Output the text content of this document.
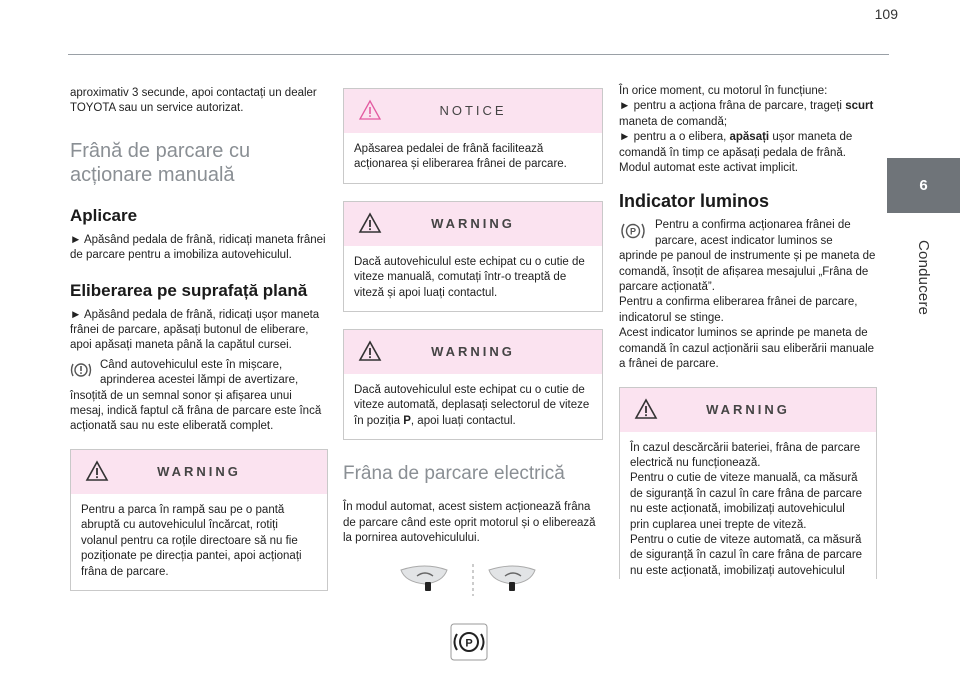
109
6
Conducere

aproximativ 3 secunde, apoi contactați un dealer TOYOTA sau un service autorizat.

Frână de parcare cu acționare manuală
Aplicare

► Apăsând pedala de frână, ridicați maneta frânei de parcare pentru a imobiliza autovehiculul.

Eliberarea pe suprafață plană

► Apăsând pedala de frână, ridicați ușor maneta frânei de parcare, apăsați butonul de eliberare, apoi apăsați maneta până la capătul cursei.

Când autovehiculul este în mișcare, aprinderea acestei lămpi de avertizare,

însoțită de un semnal sonor și afișarea unui mesaj, indică faptul că frâna de parcare este încă acționată sau nu este eliberată complet.

WARNING

Pentru a parca în rampă sau pe o pantă abruptă cu autovehiculul încărcat, rotiți volanul pentru ca roțile directoare să nu fie poziționate pe direcția pantei, apoi acționați frâna de parcare.

NOTICE

Apăsarea pedalei de frână facilitează acționarea și eliberarea frânei de parcare.

WARNING

Dacă autovehiculul este echipat cu o cutie de viteze manuală, comutați într-o treaptă de viteză și apoi luați contactul.

WARNING

Dacă autovehiculul este echipat cu o cutie de viteze automată, deplasați selectorul de viteze în poziția P, apoi luați contactul.

Frâna de parcare electrică

În modul automat, acest sistem acționează frâna de parcare când este oprit motorul și o eliberează la pornirea autovehiculului.

P

În orice moment, cu motorul în funcțiune:

► pentru a acționa frâna de parcare, trageți scurt maneta de comandă;

► pentru a o elibera, apăsați ușor maneta de comandă în timp ce apăsați pedala de frână.

Modul automat este activat implicit.

Indicator luminos
P

Pentru a confirma acționarea frânei de parcare, acest indicator luminos se

aprinde pe panoul de instrumente și pe maneta de comandă, însoțit de afișarea mesajului „Frâna de parcare acționată”.

Pentru a confirma eliberarea frânei de parcare, indicatorul se stinge.

Acest indicator luminos se aprinde pe maneta de comandă în cazul acționării sau eliberării manuale a frânei de parcare.

WARNING

În cazul descărcării bateriei, frâna de parcare electrică nu funcționează.

Pentru o cutie de viteze manuală, ca măsură de siguranță în cazul în care frâna de parcare nu este acționată, imobilizați autovehiculul prin cuplarea unei trepte de viteză.

Pentru o cutie de viteze automată, ca măsură de siguranță în cazul în care frâna de parcare nu este acționată, imobilizați autovehiculul
